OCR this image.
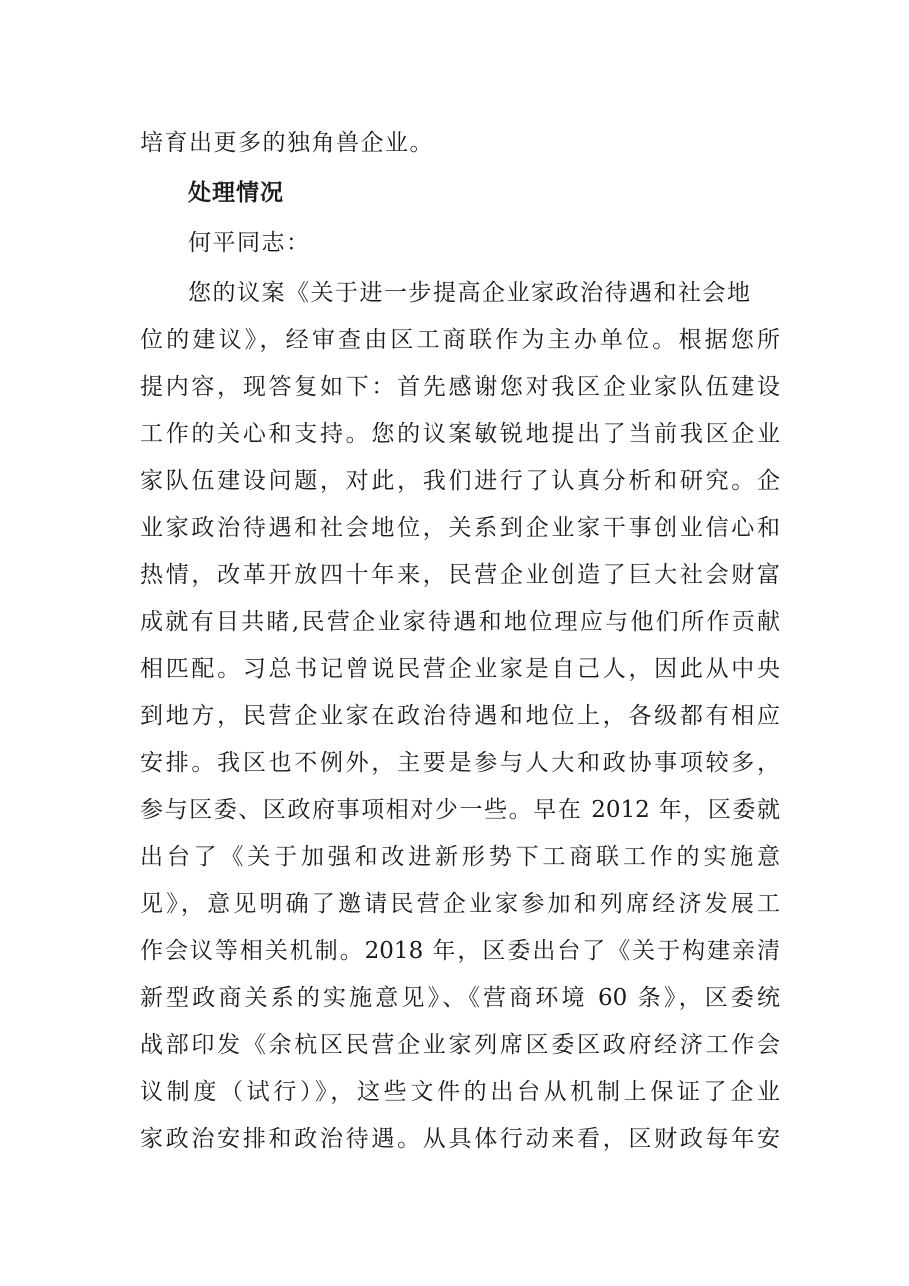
培育出更多的独角兽企业。
处理情况
何平同志：
您的议案《关于进一步提高企业家政治待遇和社会地
位的建议》，经审查由区工商联作为主办单位。根据您所
提内容，现答复如下：首先感谢您对我区企业家队伍建设
工作的关心和支持。您的议案敏锐地提出了当前我区企业
家队伍建设问题，对此，我们进行了认真分析和研究。企
业家政治待遇和社会地位，关系到企业家干事创业信心和
热情，改革开放四十年来，民营企业创造了巨大社会财富
成就有目共睹,民营企业家待遇和地位理应与他们所作贡献
相匹配。习总书记曾说民营企业家是自己人，因此从中央
到地方，民营企业家在政治待遇和地位上，各级都有相应
安排。我区也不例外，主要是参与人大和政协事项较多，
参与区委、区政府事项相对少一些。早在 2012 年，区委就
出台了《关于加强和改进新形势下工商联工作的实施意
见》，意见明确了邀请民营企业家参加和列席经济发展工
作会议等相关机制。2018 年，区委出台了《关于构建亲清
新型政商关系的实施意见》、《营商环境 60 条》，区委统
战部印发《余杭区民营企业家列席区委区政府经济工作会
议制度（试行）》，这些文件的出台从机制上保证了企业
家政治安排和政治待遇。从具体行动来看，区财政每年安
